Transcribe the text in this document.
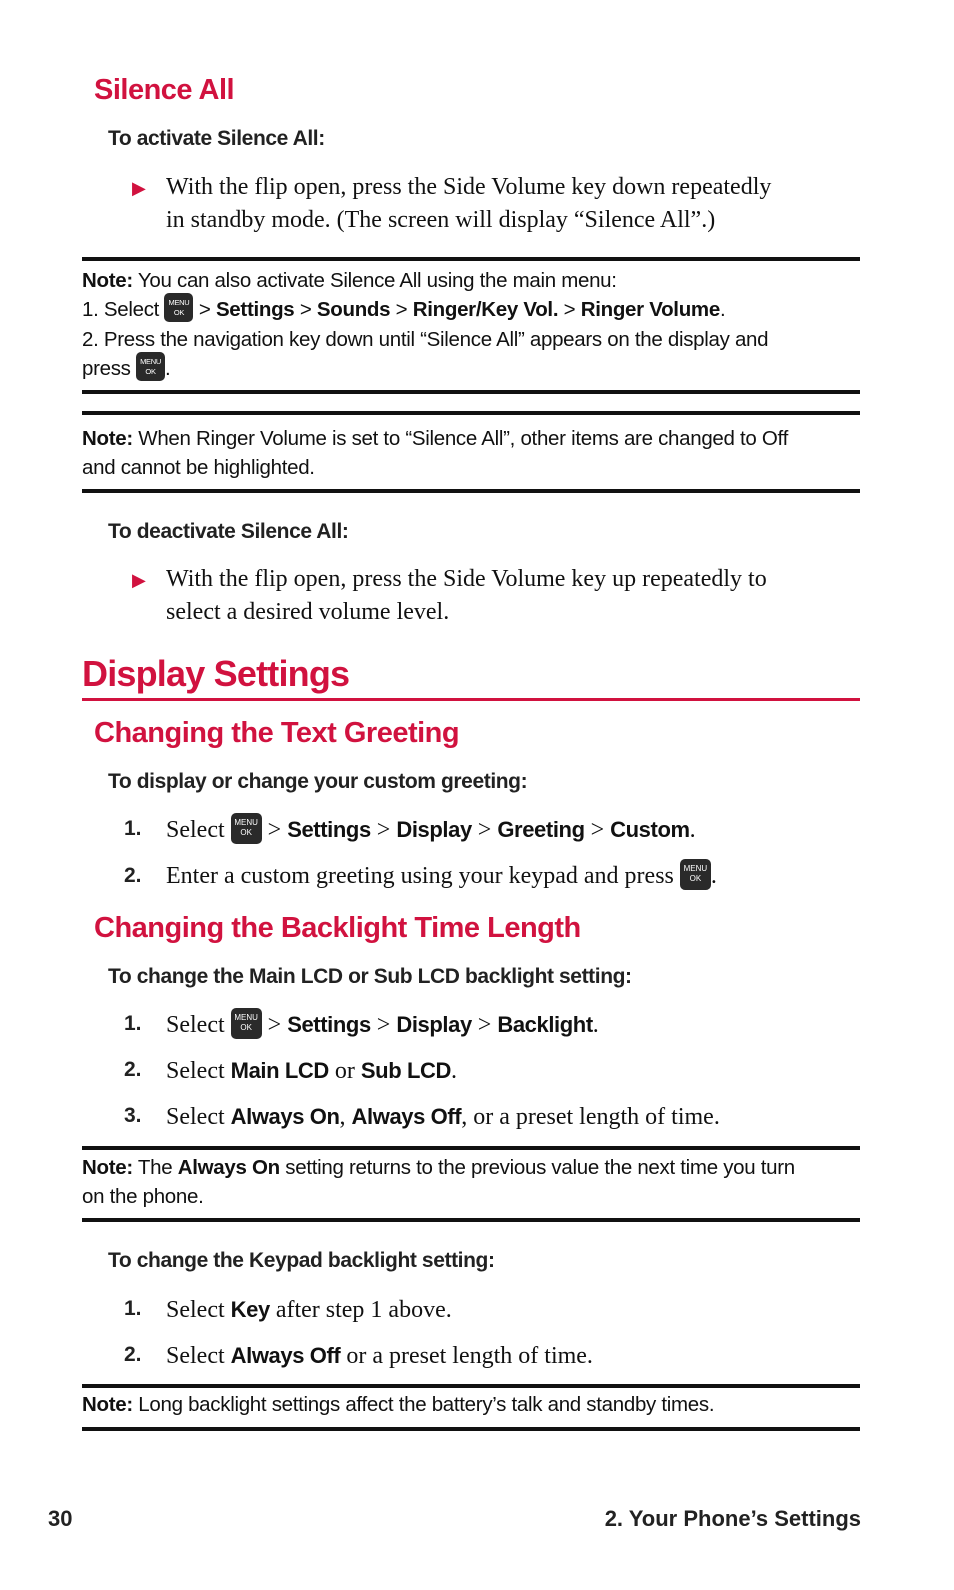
Silence All
To activate Silence All:
▶ With the flip open, press the Side Volume key down repeatedly
in standby mode. (The screen will display “Silence All”.)
Note: You can also activate Silence All using the main menu:
1. Select MENU
OK > Settings > Sounds > Ringer/Key Vol. > Ringer Volume.
2. Press the navigation key down until “Silence All” appears on the display and
press MENU
OK .
Note: When Ringer Volume is set to “Silence All”, other items are changed to Off
and cannot be highlighted.
To deactivate Silence All:
▶ With the flip open, press the Side Volume key up repeatedly to
select a desired volume level.
Display Settings
Changing the Text Greeting
To display or change your custom greeting:
1. Select MENU
OK > Settings > Display > Greeting > Custom.
2. Enter a custom greeting using your keypad and press MENU
OK .
Changing the Backlight Time Length
To change the Main LCD or Sub LCD backlight setting:
1. Select MENU
OK > Settings > Display > Backlight.
2. Select Main LCD or Sub LCD.
3. Select Always On, Always Off, or a preset length of time.
Note: The Always On setting returns to the previous value the next time you turn
on the phone.
To change the Keypad backlight setting:
1. Select Key after step 1 above.
2. Select Always Off or a preset length of time.
Note: Long backlight settings affect the battery’s talk and standby times.
30	2. Your Phone’s Settings
